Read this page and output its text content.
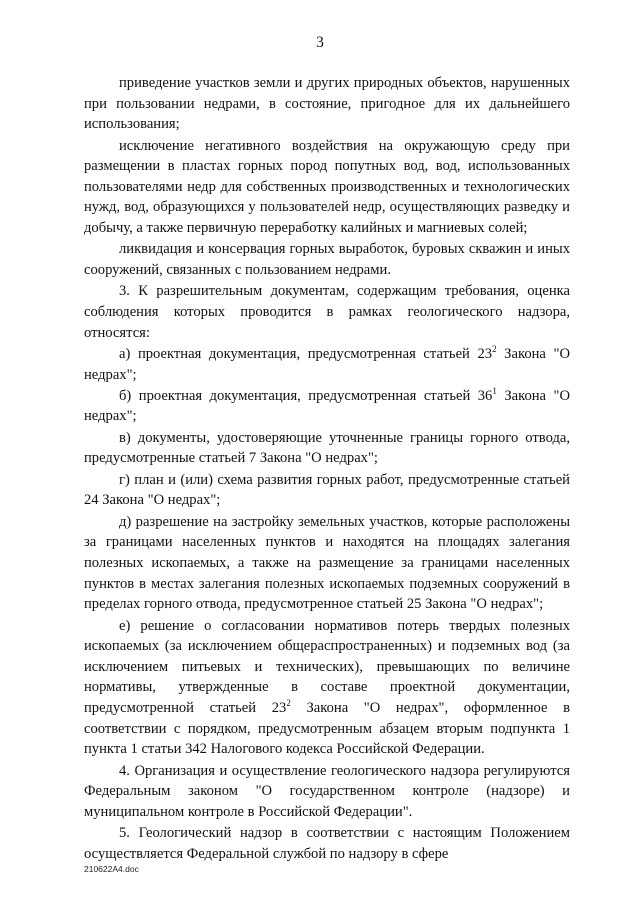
3

приведение участков земли и других природных объектов, нарушенных при пользовании недрами, в состояние, пригодное для их дальнейшего использования;

исключение негативного воздействия на окружающую среду при размещении в пластах горных пород попутных вод, вод, использованных пользователями недр для собственных производственных и технологических нужд, вод, образующихся у пользователей недр, осуществляющих разведку и добычу, а также первичную переработку калийных и магниевых солей;

ликвидация и консервация горных выработок, буровых скважин и иных сооружений, связанных с пользованием недрами.

3. К разрешительным документам, содержащим требования, оценка соблюдения которых проводится в рамках геологического надзора, относятся:

а) проектная документация, предусмотренная статьей $23^2$ Закона "О недрах";

б) проектная документация, предусмотренная статьей $36^1$ Закона "О недрах";

в) документы, удостоверяющие уточненные границы горного отвода, предусмотренные статьей 7 Закона "О недрах";

г) план и (или) схема развития горных работ, предусмотренные статьей 24 Закона "О недрах";

д) разрешение на застройку земельных участков, которые расположены за границами населенных пунктов и находятся на площадях залегания полезных ископаемых, а также на размещение за границами населенных пунктов в местах залегания полезных ископаемых подземных сооружений в пределах горного отвода, предусмотренное статьей 25 Закона "О недрах";

е) решение о согласовании нормативов потерь твердых полезных ископаемых (за исключением общераспространенных) и подземных вод (за исключением питьевых и технических), превышающих по величине нормативы, утвержденные в составе проектной документации, предусмотренной статьей $23^2$ Закона "О недрах", оформленное в соответствии с порядком, предусмотренным абзацем вторым подпункта 1 пункта 1 статьи 342 Налогового кодекса Российской Федерации.

4. Организация и осуществление геологического надзора регулируются Федеральным законом "О государственном контроле (надзоре) и муниципальном контроле в Российской Федерации".

5. Геологический надзор в соответствии с настоящим Положением осуществляется Федеральной службой по надзору в сфере

210622A4.doc
